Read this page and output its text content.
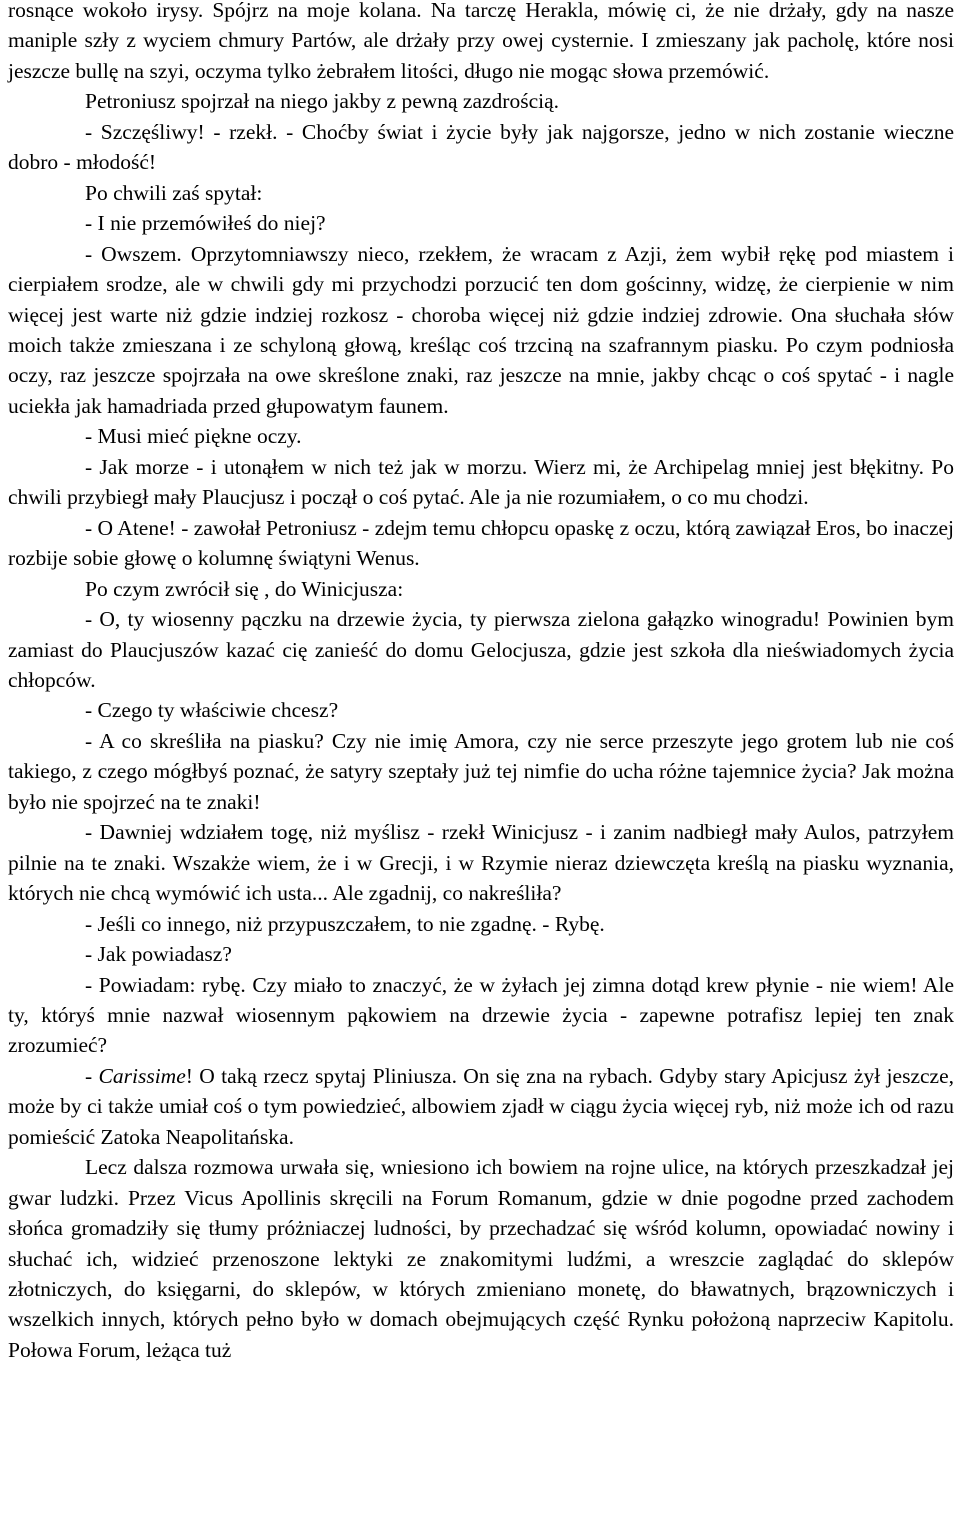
rosnące wokoło irysy. Spójrz na moje kolana. Na tarczę Herakla, mówię ci, że nie drżały, gdy na nasze maniple szły z wyciem chmury Partów, ale drżały przy owej cysternie. I zmieszany jak pacholę, które nosi jeszcze bullę na szyi, oczyma tylko żebrałem litości, długo nie mogąc słowa przemówić.

Petroniusz spojrzał na niego jakby z pewną zazdrością.

- Szczęśliwy! - rzekł. - Choćby świat i życie były jak najgorsze, jedno w nich zostanie wieczne dobro - młodość!

Po chwili zaś spytał:

- I nie przemówiłeś do niej?

- Owszem. Oprzytomniawszy nieco, rzekłem, że wracam z Azji, żem wybił rękę pod miastem i cierpiałem srodze, ale w chwili gdy mi przychodzi porzucić ten dom gościnny, widzę, że cierpienie w nim więcej jest warte niż gdzie indziej rozkosz - choroba więcej niż gdzie indziej zdrowie. Ona słuchała słów moich także zmieszana i ze schyloną głową, kreśląc coś trzciną na szafrannym piasku. Po czym podniosła oczy, raz jeszcze spojrzała na owe skreślone znaki, raz jeszcze na mnie, jakby chcąc o coś spytać - i nagle uciekła jak hamadriada przed głupowatym faunem.

- Musi mieć piękne oczy.

- Jak morze - i utonąłem w nich też jak w morzu. Wierz mi, że Archipelag mniej jest błękitny. Po chwili przybiegł mały Plaucjusz i począł o coś pytać. Ale ja nie rozumiałem, o co mu chodzi.

- O Atene! - zawołał Petroniusz - zdejm temu chłopcu opaskę z oczu, którą zawiązał Eros, bo inaczej rozbije sobie głowę o kolumnę świątyni Wenus.

Po czym zwrócił się , do Winicjusza:

- O, ty wiosenny pączku na drzewie życia, ty pierwsza zielona gałązko winogradu! Powinien bym zamiast do Plaucjuszów kazać cię zanieść do domu Gelocjusza, gdzie jest szkoła dla nieświadomych życia chłopców.

- Czego ty właściwie chcesz?

- A co skreśliła na piasku? Czy nie imię Amora, czy nie serce przeszyte jego grotem lub nie coś takiego, z czego mógłbyś poznać, że satyry szeptały już tej nimfie do ucha różne tajemnice życia? Jak można było nie spojrzeć na te znaki!

- Dawniej wdziałem togę, niż myślisz - rzekł Winicjusz - i zanim nadbiegł mały Aulos, patrzyłem pilnie na te znaki. Wszakże wiem, że i w Grecji, i w Rzymie nieraz dziewczęta kreślą na piasku wyznania, których nie chcą wymówić ich usta... Ale zgadnij, co nakreśliła?

- Jeśli co innego, niż przypuszczałem, to nie zgadnę. - Rybę.

- Jak powiadasz?

- Powiadam: rybę. Czy miało to znaczyć, że w żyłach jej zimna dotąd krew płynie - nie wiem! Ale ty, któryś mnie nazwał wiosennym pąkowiem na drzewie życia - zapewne potrafisz lepiej ten znak zrozumieć?

- Carissime! O taką rzecz spytaj Pliniusza. On się zna na rybach. Gdyby stary Apicjusz żył jeszcze, może by ci także umiał coś o tym powiedzieć, albowiem zjadł w ciągu życia więcej ryb, niż może ich od razu pomieścić Zatoka Neapolitańska.

Lecz dalsza rozmowa urwała się, wniesiono ich bowiem na rojne ulice, na których przeszkadzał jej gwar ludzki. Przez Vicus Apollinis skręcili na Forum Romanum, gdzie w dnie pogodne przed zachodem słońca gromadziły się tłumy próżniaczej ludności, by przechadzać się wśród kolumn, opowiadać nowiny i słuchać ich, widzieć przenoszone lektyki ze znakomitymi ludźmi, a wreszcie zaglądać do sklepów złotniczych, do księgarni, do sklepów, w których zmieniano monetę, do bławatnych, brązowniczych i wszelkich innych, których pełno było w domach obejmujących część Rynku położoną naprzeciw Kapitolu. Połowa Forum, leżąca tuż
